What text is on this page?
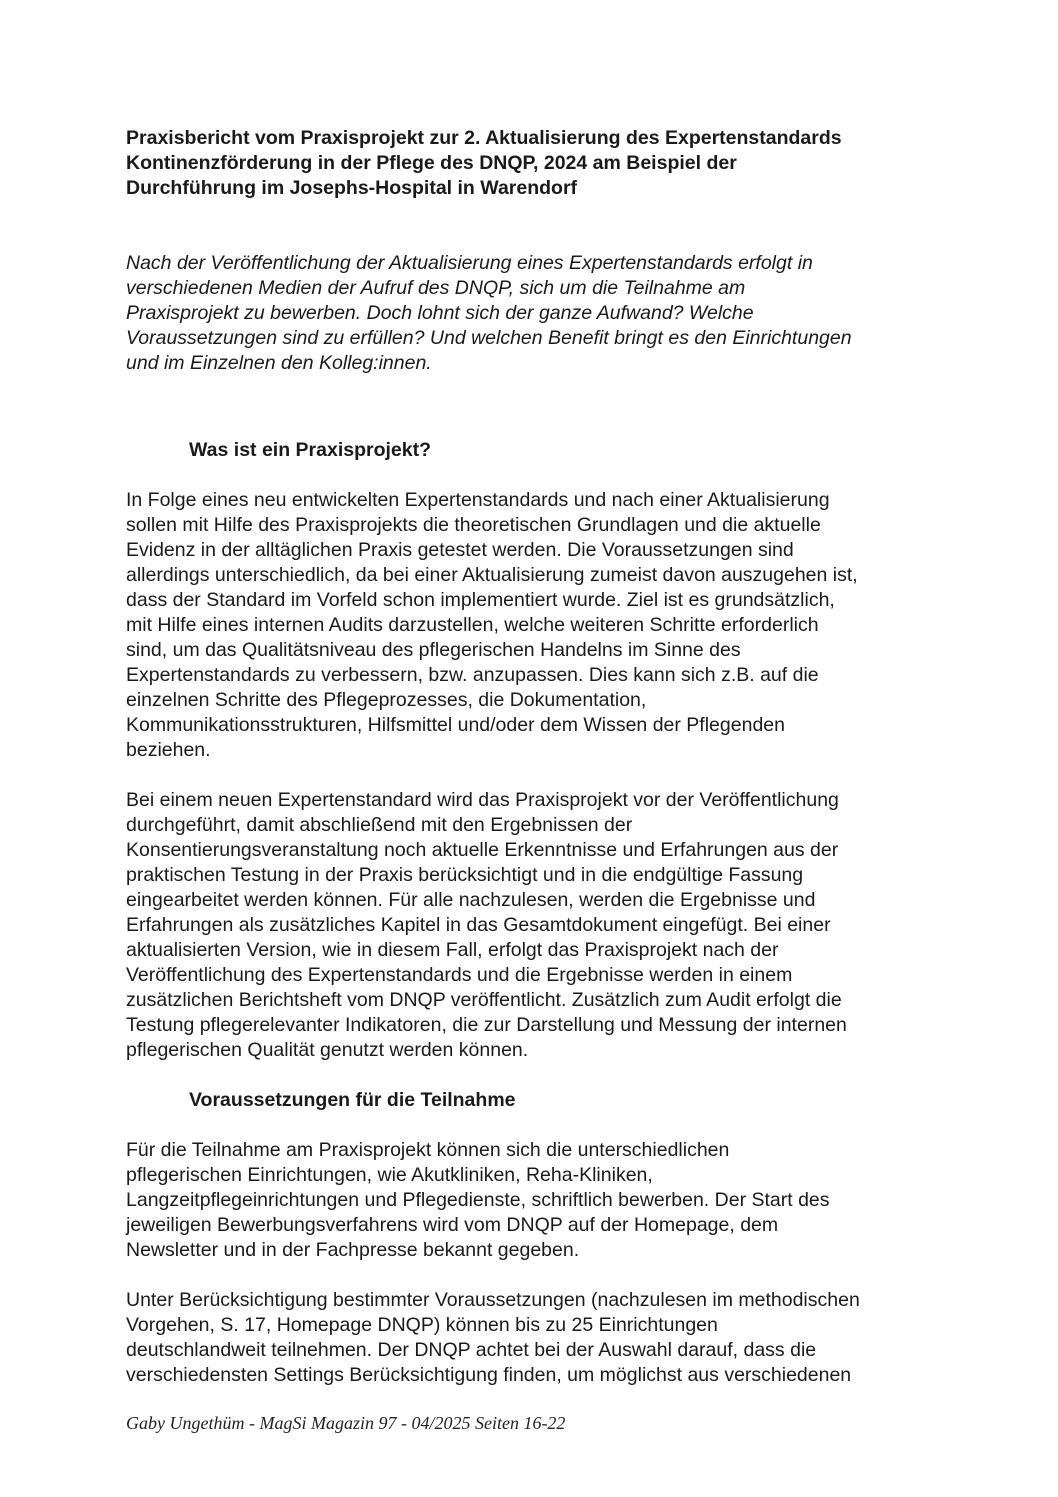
Praxisbericht vom Praxisprojekt zur 2. Aktualisierung des Expertenstandards
Kontinenzförderung in der Pflege des DNQP, 2024 am Beispiel der
Durchführung im Josephs-Hospital in Warendorf

Nach der Veröffentlichung der Aktualisierung eines Expertenstandards erfolgt in
verschiedenen Medien der Aufruf des DNQP, sich um die Teilnahme am
Praxisprojekt zu bewerben. Doch lohnt sich der ganze Aufwand? Welche
Voraussetzungen sind zu erfüllen? Und welchen Benefit bringt es den Einrichtungen
und im Einzelnen den Kolleg:innen.

Was ist ein Praxisprojekt?

In Folge eines neu entwickelten Expertenstandards und nach einer Aktualisierung
sollen mit Hilfe des Praxisprojekts die theoretischen Grundlagen und die aktuelle
Evidenz in der alltäglichen Praxis getestet werden. Die Voraussetzungen sind
allerdings unterschiedlich, da bei einer Aktualisierung zumeist davon auszugehen ist,
dass der Standard im Vorfeld schon implementiert wurde. Ziel ist es grundsätzlich,
mit Hilfe eines internen Audits darzustellen, welche weiteren Schritte erforderlich
sind, um das Qualitätsniveau des pflegerischen Handelns im Sinne des
Expertenstandards zu verbessern, bzw. anzupassen. Dies kann sich z.B. auf die
einzelnen Schritte des Pflegeprozesses, die Dokumentation,
Kommunikationsstrukturen, Hilfsmittel und/oder dem Wissen der Pflegenden
beziehen.

Bei einem neuen Expertenstandard wird das Praxisprojekt vor der Veröffentlichung
durchgeführt, damit abschließend mit den Ergebnissen der
Konsentierungsveranstaltung noch aktuelle Erkenntnisse und Erfahrungen aus der
praktischen Testung in der Praxis berücksichtigt und in die endgültige Fassung
eingearbeitet werden können. Für alle nachzulesen, werden die Ergebnisse und
Erfahrungen als zusätzliches Kapitel in das Gesamtdokument eingefügt. Bei einer
aktualisierten Version, wie in diesem Fall, erfolgt das Praxisprojekt nach der
Veröffentlichung des Expertenstandards und die Ergebnisse werden in einem
zusätzlichen Berichtsheft vom DNQP veröffentlicht. Zusätzlich zum Audit erfolgt die
Testung pflegerelevanter Indikatoren, die zur Darstellung und Messung der internen
pflegerischen Qualität genutzt werden können.

Voraussetzungen für die Teilnahme

Für die Teilnahme am Praxisprojekt können sich die unterschiedlichen
pflegerischen Einrichtungen, wie Akutkliniken, Reha-Kliniken,
Langzeitpflegeinrichtungen und Pflegedienste, schriftlich bewerben. Der Start des
jeweiligen Bewerbungsverfahrens wird vom DNQP auf der Homepage, dem
Newsletter und in der Fachpresse bekannt gegeben.

Unter Berücksichtigung bestimmter Voraussetzungen (nachzulesen im methodischen
Vorgehen, S. 17, Homepage DNQP) können bis zu 25 Einrichtungen
deutschlandweit teilnehmen. Der DNQP achtet bei der Auswahl darauf, dass die
verschiedensten Settings Berücksichtigung finden, um möglichst aus verschiedenen

Gaby Ungethüm - MagSi Magazin 97 - 04/2025 Seiten 16-22
